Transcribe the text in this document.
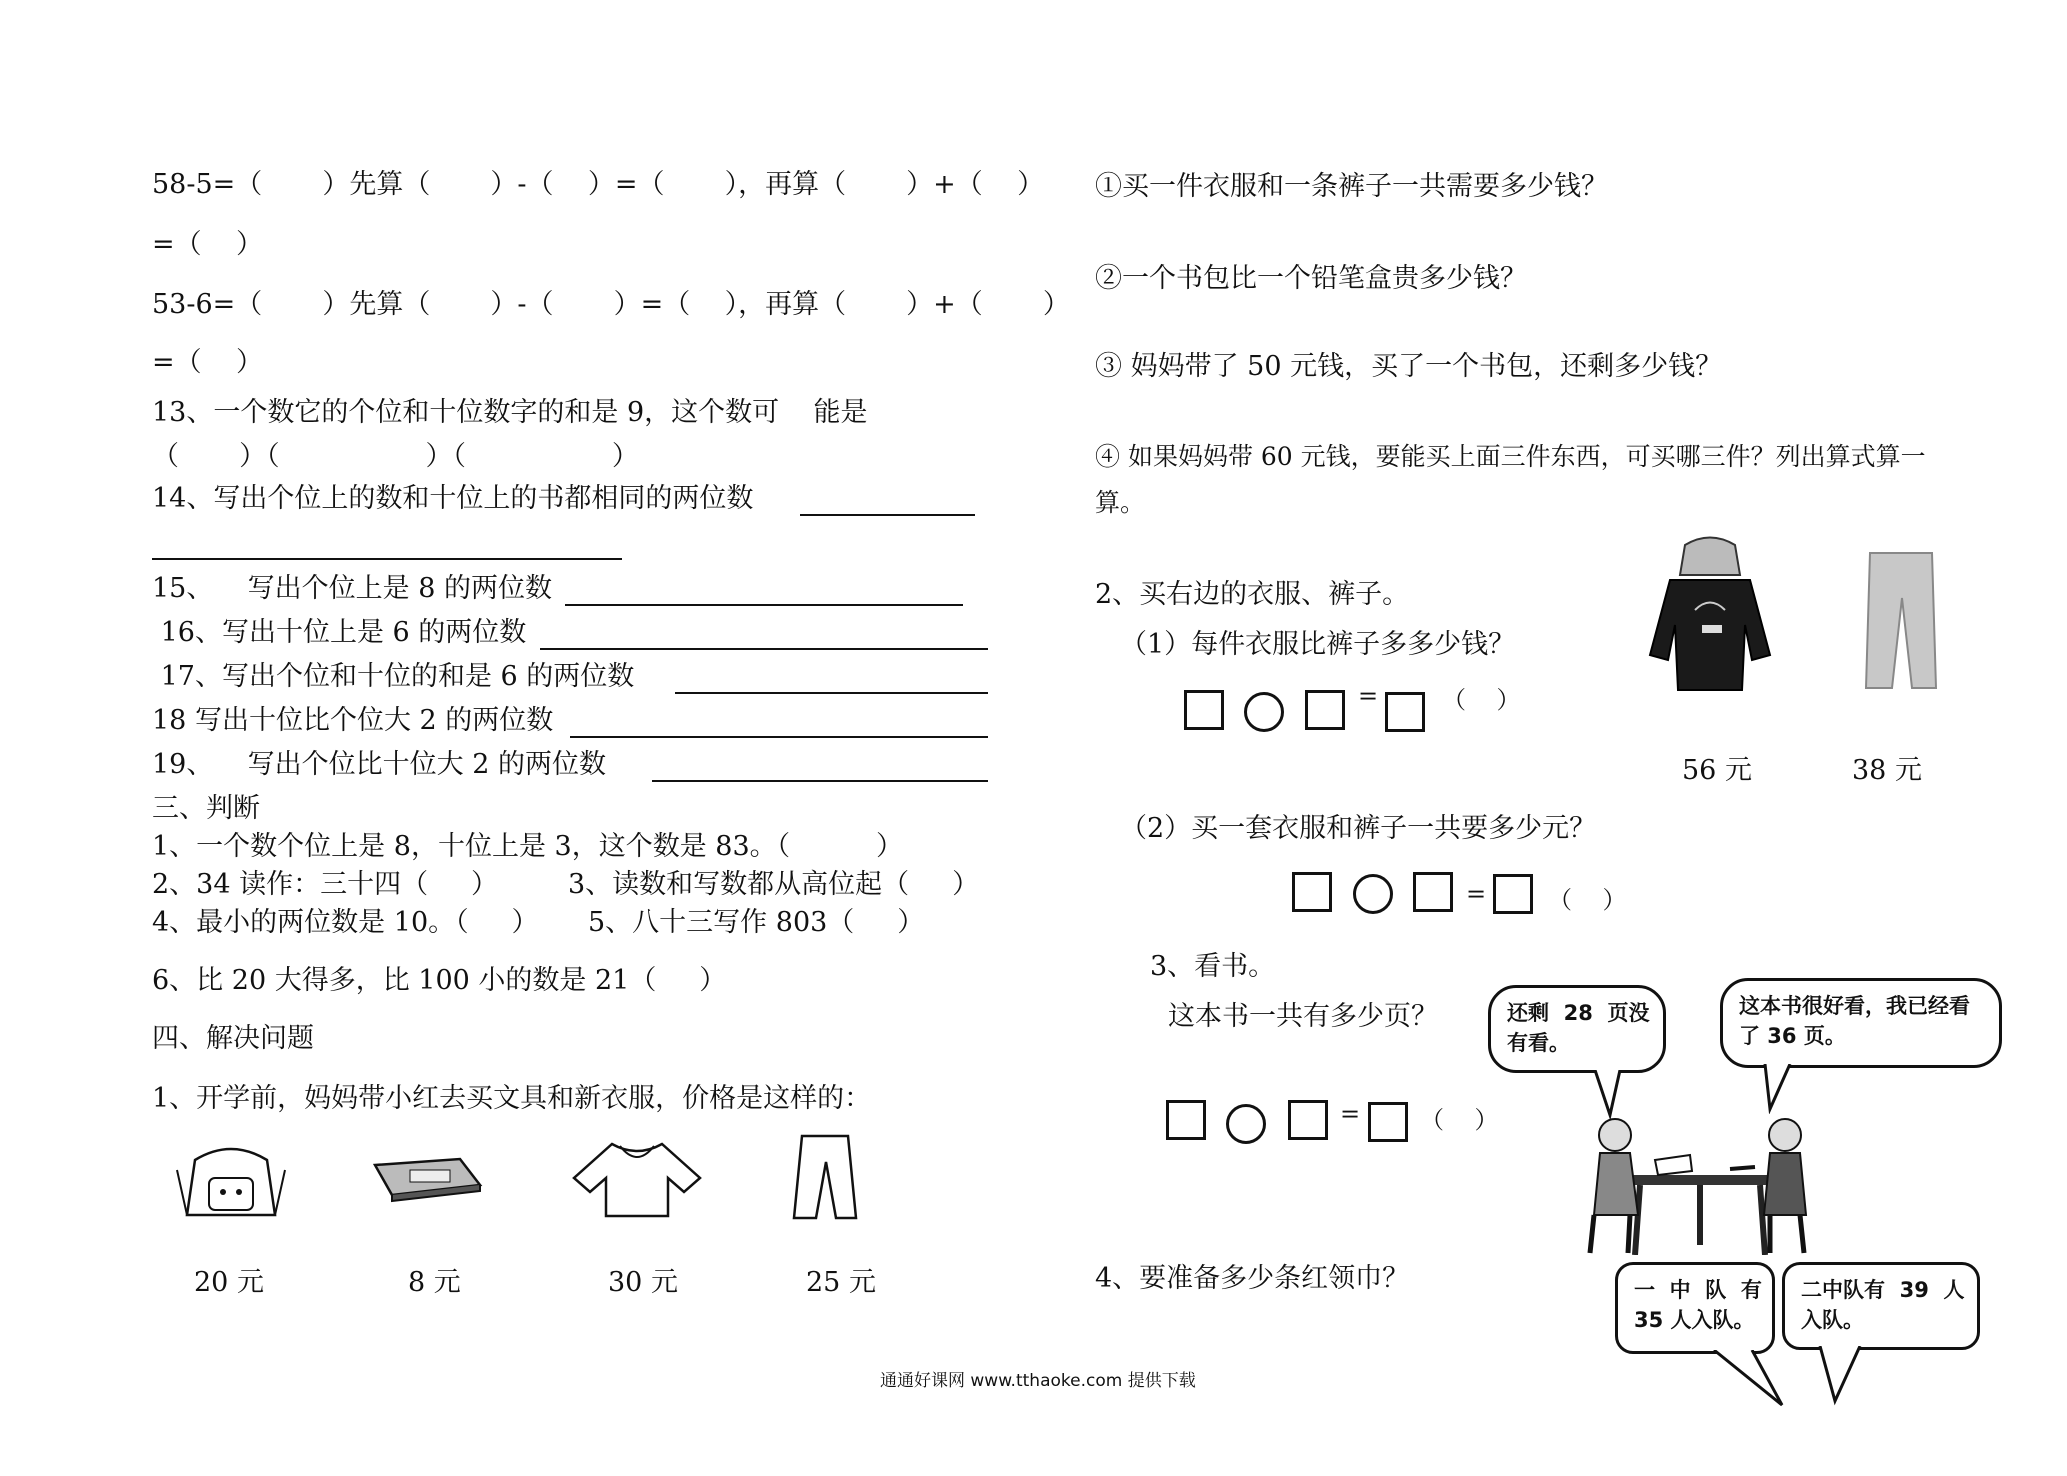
58-5=（       ）先算（       ）-（    ）=（       ），再算（       ）+（    ）
=（    ）
53-6=（       ）先算（       ）-（       ）=（    ），再算（       ）+（       ）
=（    ）
13、一个数它的个位和十位数字的和是 9，这个数可    能是
（       ）（                 ）（                 ）
14、写出个位上的数和十位上的书都相同的两位数
15、    写出个位上是 8 的两位数
16、写出十位上是 6 的两位数
17、写出个位和十位的和是 6 的两位数
18 写出十位比个位大 2 的两位数
19、    写出个位比十位大 2 的两位数
三、判断
1、一个数个位上是 8，十位上是 3，这个数是 83。（          ）
2、34 读作：三十四（     ）	3、读数和写数都从高位起（     ）
4、最小的两位数是 10。（     ） 5、八十三写作 803（     ）
6、比 20 大得多，比 100 小的数是 21（     ）
四、解决问题
1、开学前，妈妈带小红去买文具和新衣服，价格是这样的：
20 元	8 元	30 元	25 元
①买一件衣服和一条裤子一共需要多少钱？
②一个书包比一个铅笔盒贵多少钱？
③ 妈妈带了 50 元钱，买了一个书包，还剩多少钱？
④ 如果妈妈带 60 元钱，要能买上面三件东西，可买哪三件？列出算式算一
算。
2、买右边的衣服、裤子。
（1）每件衣服比裤子多多少钱？
56 元	38 元
=	（    ）
（2）买一套衣服和裤子一共要多少元？
=	（    ）
3、看书。
这本书一共有多少页？
= （    ）
还剩  28  页没
有看。
这本书很好看，我已经看
了 36 页。
4、要准备多少条红领巾？	一  中  队  有
35 人入队。
二中队有  39  人
入队。
通通好课网 www.tthaoke.com 提供下载
